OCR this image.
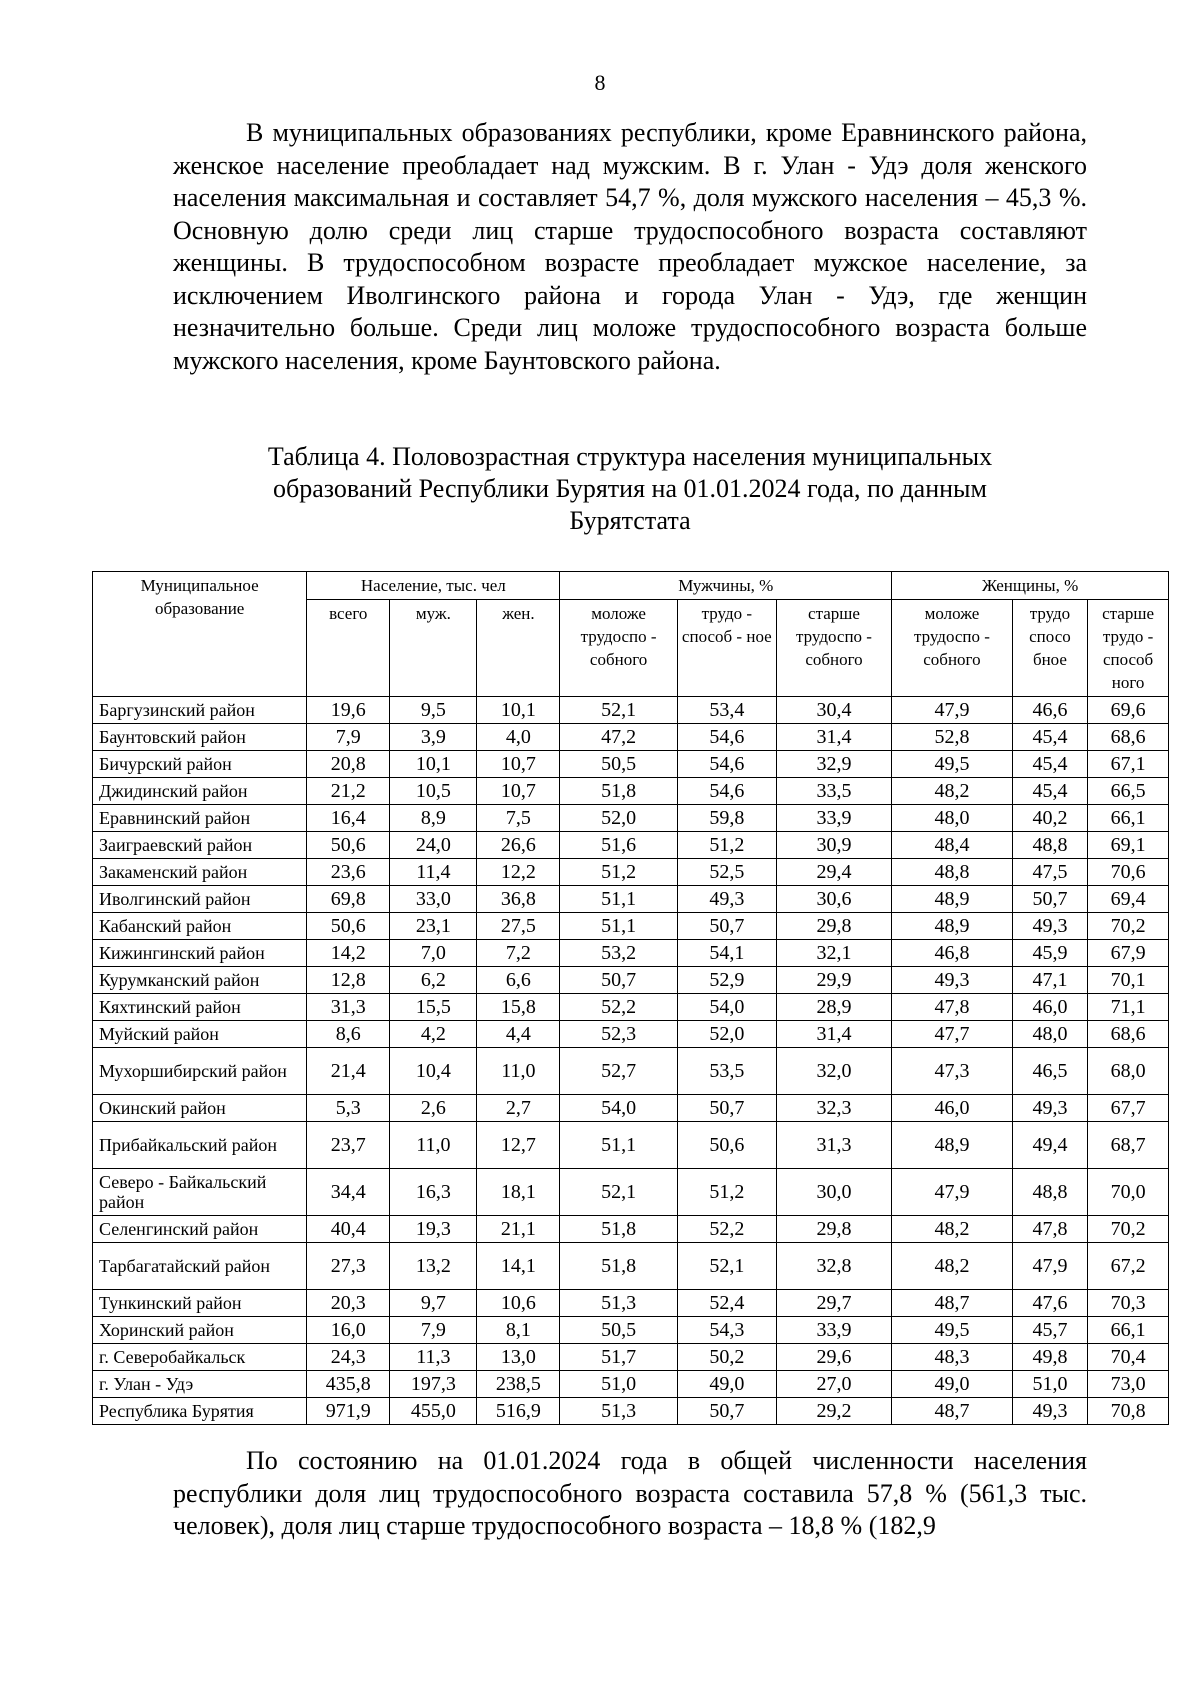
8

В муниципальных образованиях республики, кроме Еравнинского района, женское население преобладает над мужским. В г. Улан - Удэ доля женского населения максимальная и составляет 54,7 %, доля мужского населения – 45,3 %. Основную долю среди лиц старше трудоспособного возраста составляют женщины. В трудоспособном возрасте преобладает мужское население, за исключением Иволгинского района и города Улан - Удэ, где женщин незначительно больше. Среди лиц моложе трудоспособного возраста больше мужского населения, кроме Баунтовского района.

Таблица 4. Половозрастная структура населения муниципальных
образований Республики Бурятия на 01.01.2024 года, по данным
Бурятстата
Муниципальное образование	Население, тыс. чел			Мужчины, %			Женщины, %		
	всего	муж.	жен.	моложе трудоспо - собного	трудо - способ - ное	старше трудоспо - собного	моложе трудоспо - собного	трудо спосо бное	старше трудо - способ ного
Баргузинский район	19,6	9,5	10,1	52,1	53,4	30,4	47,9	46,6	69,6
Баунтовский район	7,9	3,9	4,0	47,2	54,6	31,4	52,8	45,4	68,6
Бичурский район	20,8	10,1	10,7	50,5	54,6	32,9	49,5	45,4	67,1
Джидинский район	21,2	10,5	10,7	51,8	54,6	33,5	48,2	45,4	66,5
Еравнинский район	16,4	8,9	7,5	52,0	59,8	33,9	48,0	40,2	66,1
Заиграевский район	50,6	24,0	26,6	51,6	51,2	30,9	48,4	48,8	69,1
Закаменский район	23,6	11,4	12,2	51,2	52,5	29,4	48,8	47,5	70,6
Иволгинский район	69,8	33,0	36,8	51,1	49,3	30,6	48,9	50,7	69,4
Кабанский район	50,6	23,1	27,5	51,1	50,7	29,8	48,9	49,3	70,2
Кижингинский район	14,2	7,0	7,2	53,2	54,1	32,1	46,8	45,9	67,9
Курумканский район	12,8	6,2	6,6	50,7	52,9	29,9	49,3	47,1	70,1
Кяхтинский район	31,3	15,5	15,8	52,2	54,0	28,9	47,8	46,0	71,1
Муйский район	8,6	4,2	4,4	52,3	52,0	31,4	47,7	48,0	68,6
Мухоршибирский район	21,4	10,4	11,0	52,7	53,5	32,0	47,3	46,5	68,0
Окинский район	5,3	2,6	2,7	54,0	50,7	32,3	46,0	49,3	67,7
Прибайкальский район	23,7	11,0	12,7	51,1	50,6	31,3	48,9	49,4	68,7
Северо - Байкальский район	34,4	16,3	18,1	52,1	51,2	30,0	47,9	48,8	70,0
Селенгинский район	40,4	19,3	21,1	51,8	52,2	29,8	48,2	47,8	70,2
Тарбагатайский район	27,3	13,2	14,1	51,8	52,1	32,8	48,2	47,9	67,2
Тункинский район	20,3	9,7	10,6	51,3	52,4	29,7	48,7	47,6	70,3
Хоринский район	16,0	7,9	8,1	50,5	54,3	33,9	49,5	45,7	66,1
г. Северобайкальск	24,3	11,3	13,0	51,7	50,2	29,6	48,3	49,8	70,4
г. Улан - Удэ	435,8	197,3	238,5	51,0	49,0	27,0	49,0	51,0	73,0
Республика Бурятия	971,9	455,0	516,9	51,3	50,7	29,2	48,7	49,3	70,8

По состоянию на 01.01.2024 года в общей численности населения республики доля лиц трудоспособного возраста составила 57,8 % (561,3 тыс. человек), доля лиц старше трудоспособного возраста – 18,8 % (182,9
